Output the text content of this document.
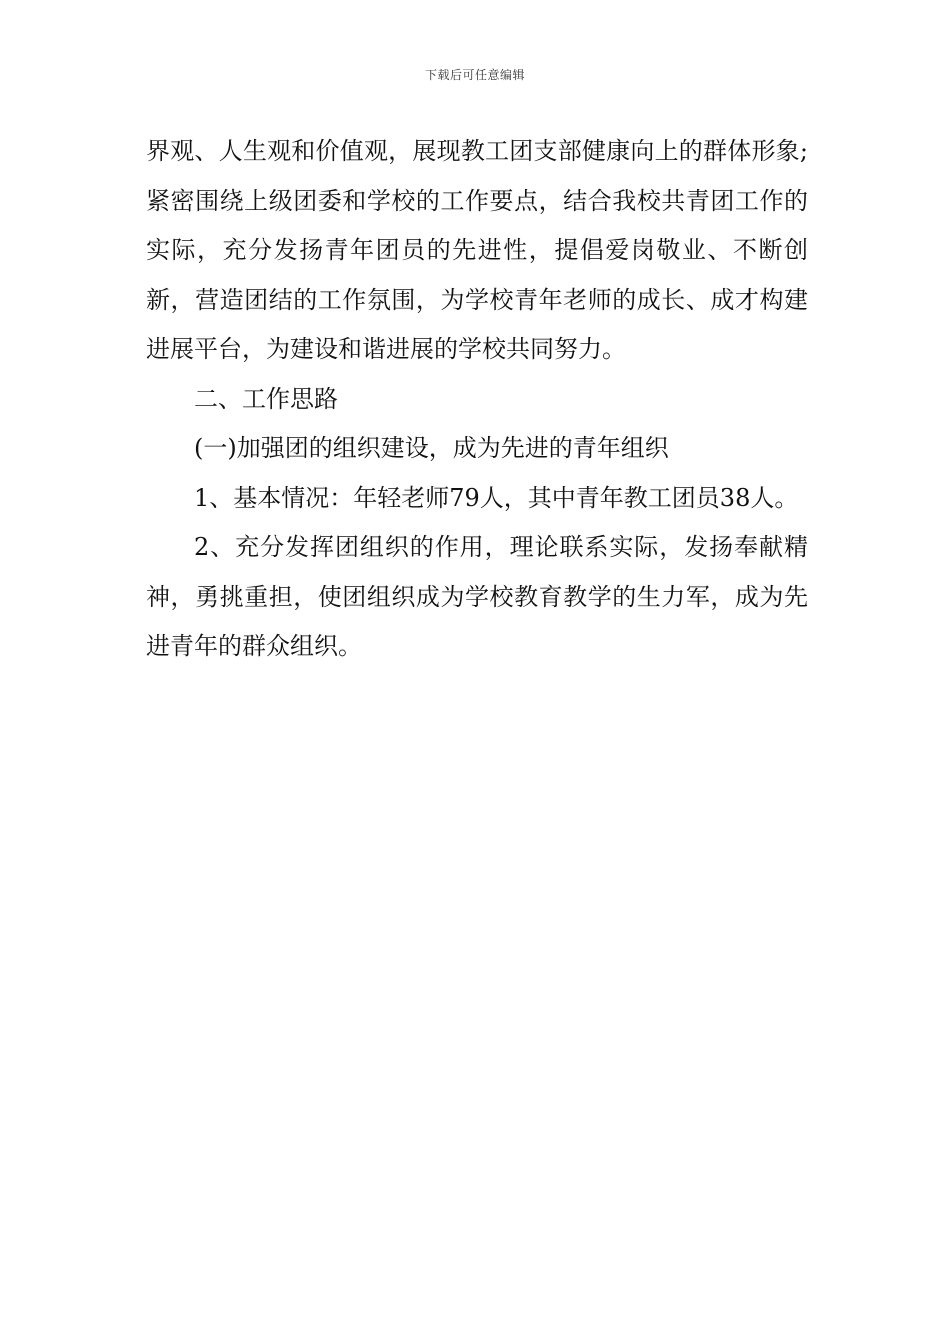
下载后可任意编辑

界观、人生观和价值观，展现教工团支部健康向上的群体形象;紧密围绕上级团委和学校的工作要点，结合我校共青团工作的实际，充分发扬青年团员的先进性，提倡爱岗敬业、不断创新，营造团结的工作氛围，为学校青年老师的成长、成才构建进展平台，为建设和谐进展的学校共同努力。

二、工作思路

(一)加强团的组织建设，成为先进的青年组织

1、基本情况：年轻老师79人，其中青年教工团员38人。

2、充分发挥团组织的作用，理论联系实际，发扬奉献精神，勇挑重担，使团组织成为学校教育教学的生力军，成为先进青年的群众组织。
